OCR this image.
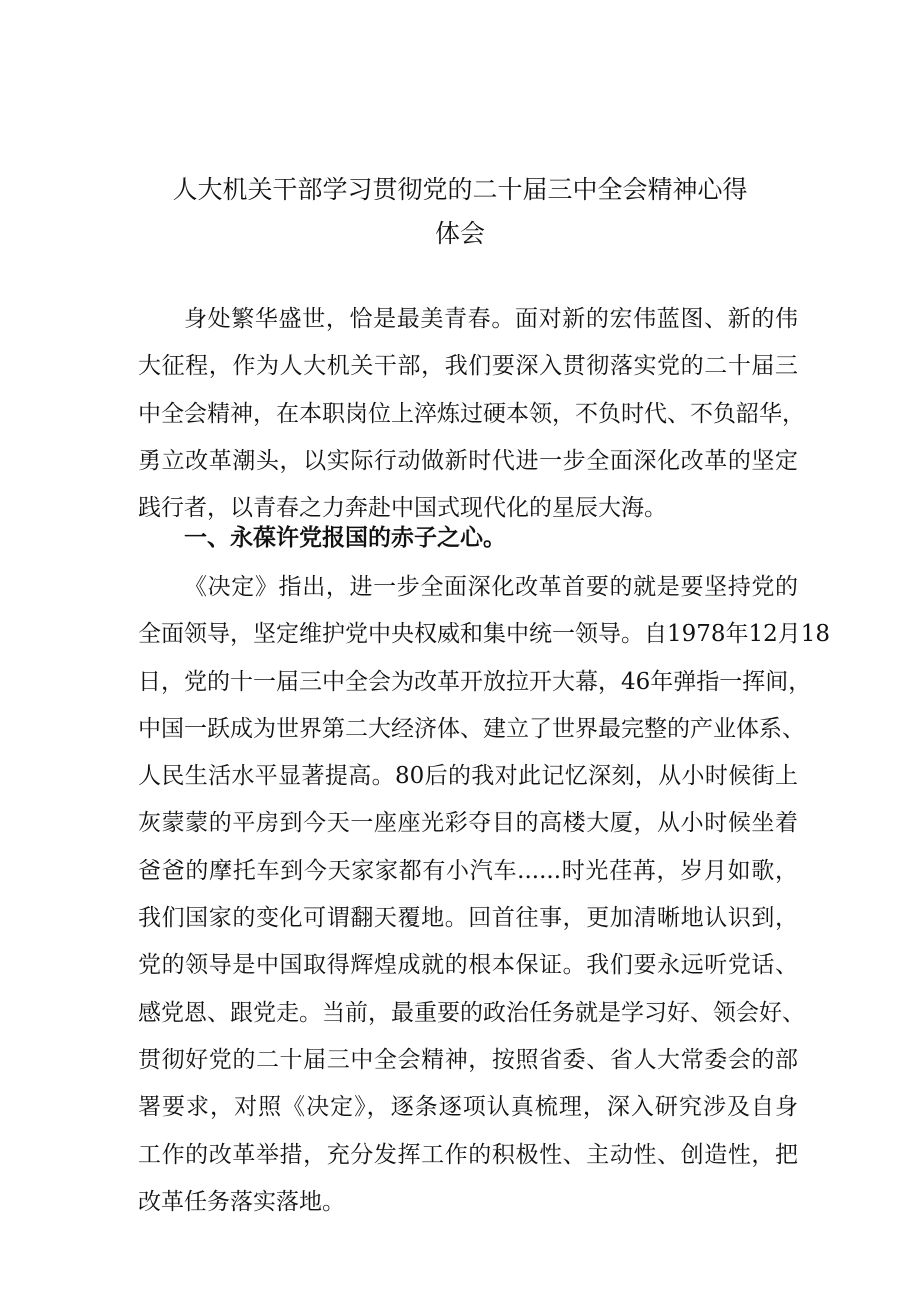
人大机关干部学习贯彻党的二十届三中全会精神心得
体会
身处繁华盛世，恰是最美青春。面对新的宏伟蓝图、新的伟
大征程，作为人大机关干部，我们要深入贯彻落实党的二十届三
中全会精神，在本职岗位上淬炼过硬本领，不负时代、不负韶华，
勇立改革潮头，以实际行动做新时代进一步全面深化改革的坚定
践行者，以青春之力奔赴中国式现代化的星辰大海。
一、永葆许党报国的赤子之心。
《决定》指出，进一步全面深化改革首要的就是要坚持党的
全面领导，坚定维护党中央权威和集中统一领导。自1978年12月18
日，党的十一届三中全会为改革开放拉开大幕，46年弹指一挥间，
中国一跃成为世界第二大经济体、建立了世界最完整的产业体系、
人民生活水平显著提高。80后的我对此记忆深刻，从小时候街上
灰蒙蒙的平房到今天一座座光彩夺目的高楼大厦，从小时候坐着
爸爸的摩托车到今天家家都有小汽车......时光荏苒，岁月如歌，
我们国家的变化可谓翻天覆地。回首往事，更加清晰地认识到，
党的领导是中国取得辉煌成就的根本保证。我们要永远听党话、
感党恩、跟党走。当前，最重要的政治任务就是学习好、领会好、
贯彻好党的二十届三中全会精神，按照省委、省人大常委会的部
署要求，对照《决定》，逐条逐项认真梳理，深入研究涉及自身
工作的改革举措，充分发挥工作的积极性、主动性、创造性，把
改革任务落实落地。
